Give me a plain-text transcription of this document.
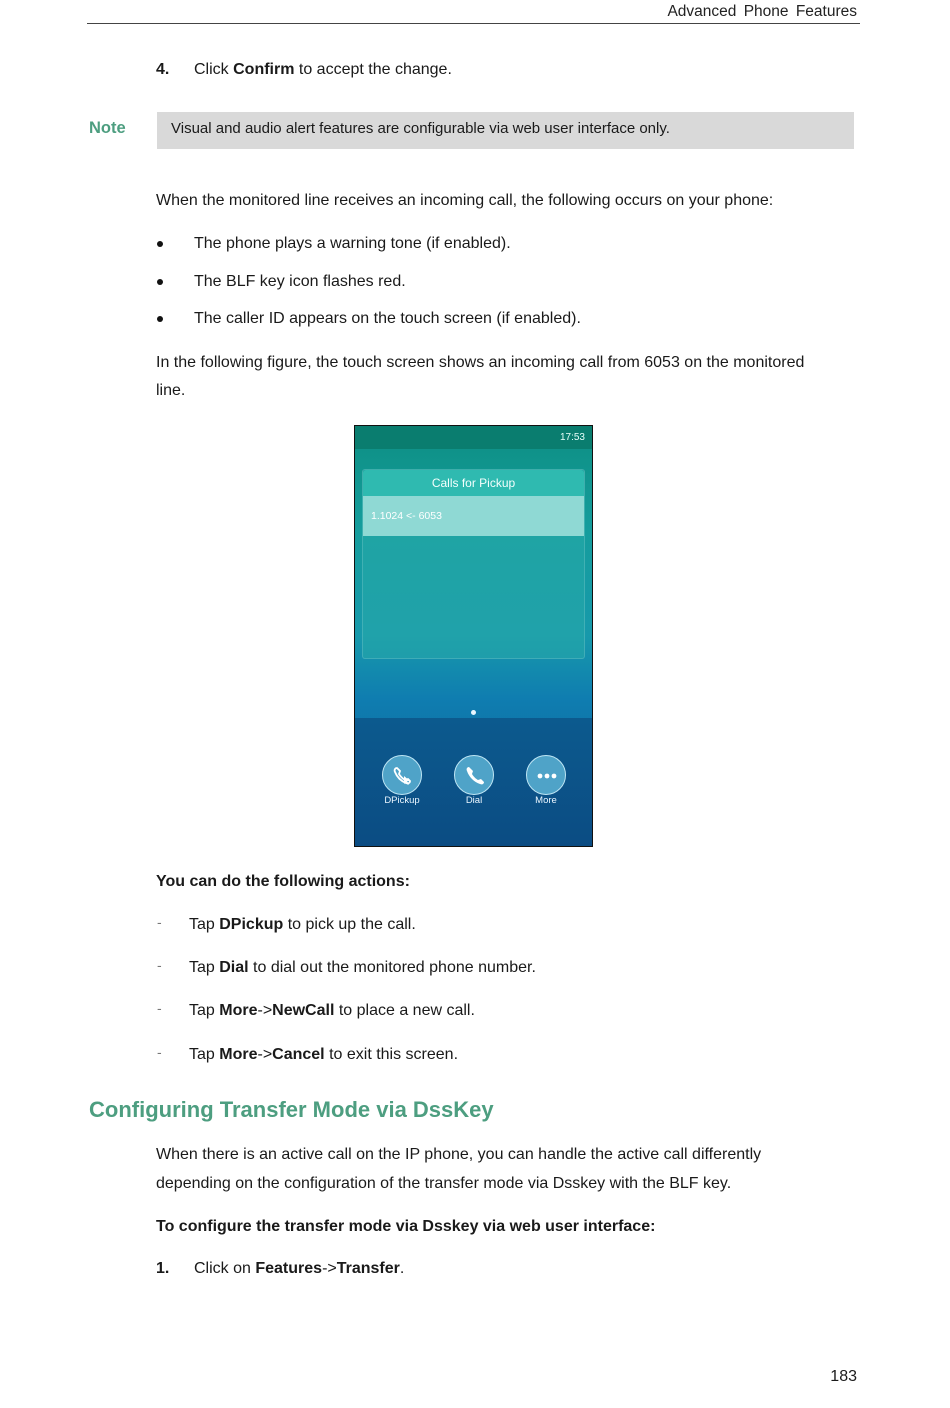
Advanced Phone Features
4. Click Confirm to accept the change.
Note	Visual and audio alert features are configurable via web user interface only.
When the monitored line receives an incoming call, the following occurs on your phone:
The phone plays a warning tone (if enabled).
The BLF key icon flashes red.
The caller ID appears on the touch screen (if enabled).
In the following figure, the touch screen shows an incoming call from 6053 on the monitored
line.
17:53
Calls for Pickup
1.1024 <- 6053
DPickup	Dial	More
You can do the following actions:
- Tap DPickup to pick up the call.
- Tap Dial to dial out the monitored phone number.
- Tap More->NewCall to place a new call.
- Tap More->Cancel to exit this screen.
Configuring Transfer Mode via DssKey
When there is an active call on the IP phone, you can handle the active call differently
depending on the configuration of the transfer mode via Dsskey with the BLF key.
To configure the transfer mode via Dsskey via web user interface:
1. Click on Features->Transfer.
183
